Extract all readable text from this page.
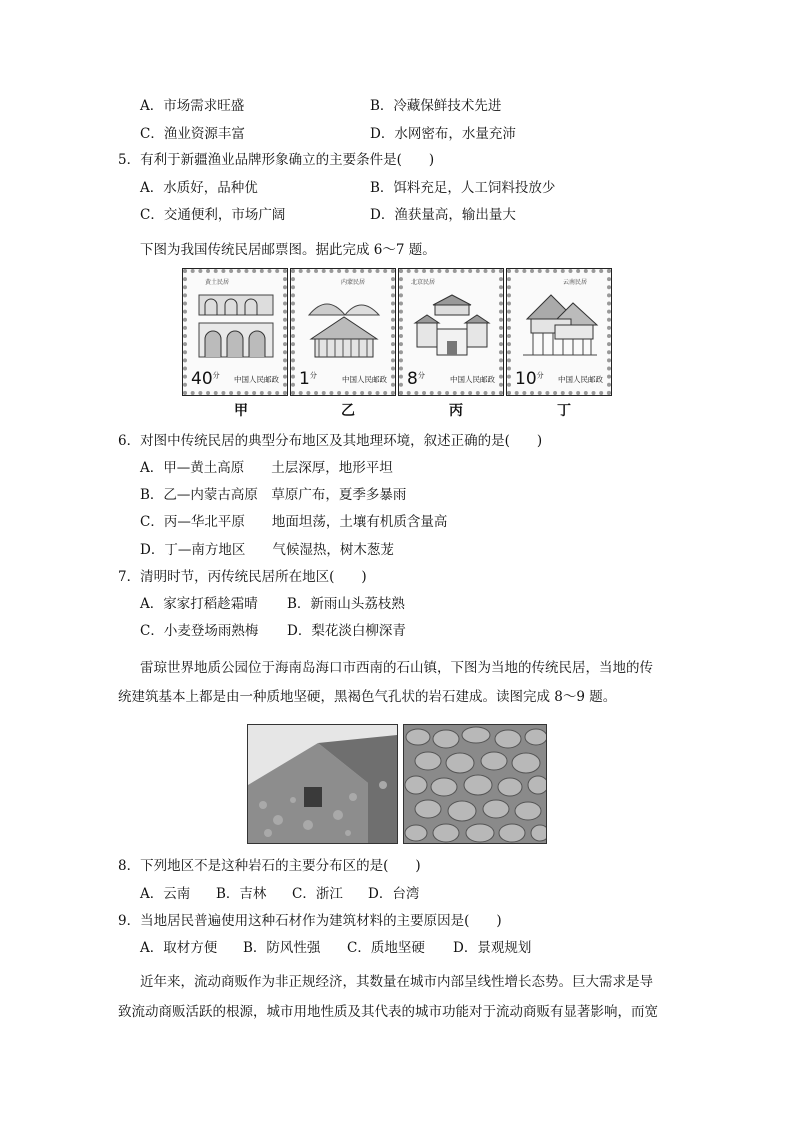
A．市场需求旺盛	B．冷藏保鲜技术先进
C．渔业资源丰富	D．水网密布，水量充沛
5．有利于新疆渔业品牌形象确立的主要条件是(　　)
A．水质好，品种优	B．饵料充足，人工饲料投放少
C．交通便利，市场广阔	D．渔获量高，输出量大
下图为我国传统民居邮票图。据此完成 6～7 题。
黄土民居
$40^分$ 中国人民邮政
内蒙民居
$1^分$	中国人民邮政
北京民居
$8^分$	中国人民邮政
云南民居
$10^分$ 中国人民邮政
甲	乙	丙	丁
6．对图中传统民居的典型分布地区及其地理环境，叙述正确的是(　　)
A．甲—黄土高原　　土层深厚，地形平坦
B．乙—内蒙古高原　草原广布，夏季多暴雨
C．丙—华北平原　　地面坦荡，土壤有机质含量高
D．丁—南方地区　　气候湿热，树木葱茏
7．清明时节，丙传统民居所在地区(　　)
A．家家打稻趁霜晴 B．新雨山头荔枝熟
C．小麦登场雨熟梅 D．梨花淡白柳深青
雷琼世界地质公园位于海南岛海口市西南的石山镇，下图为当地的传统民居，当地的传
统建筑基本上都是由一种质地坚硬，黑褐色气孔状的岩石建成。读图完成 8～9 题。
8．下列地区不是这种岩石的主要分布区的是(　　)
A．云南 B．吉林 C．浙江 D．台湾
9．当地居民普遍使用这种石材作为建筑材料的主要原因是(　　)
A．取材方便 B．防风性强 C．质地坚硬 D．景观规划
近年来，流动商贩作为非正规经济，其数量在城市内部呈线性增长态势。巨大需求是导
致流动商贩活跃的根源，城市用地性质及其代表的城市功能对于流动商贩有显著影响，而宽
